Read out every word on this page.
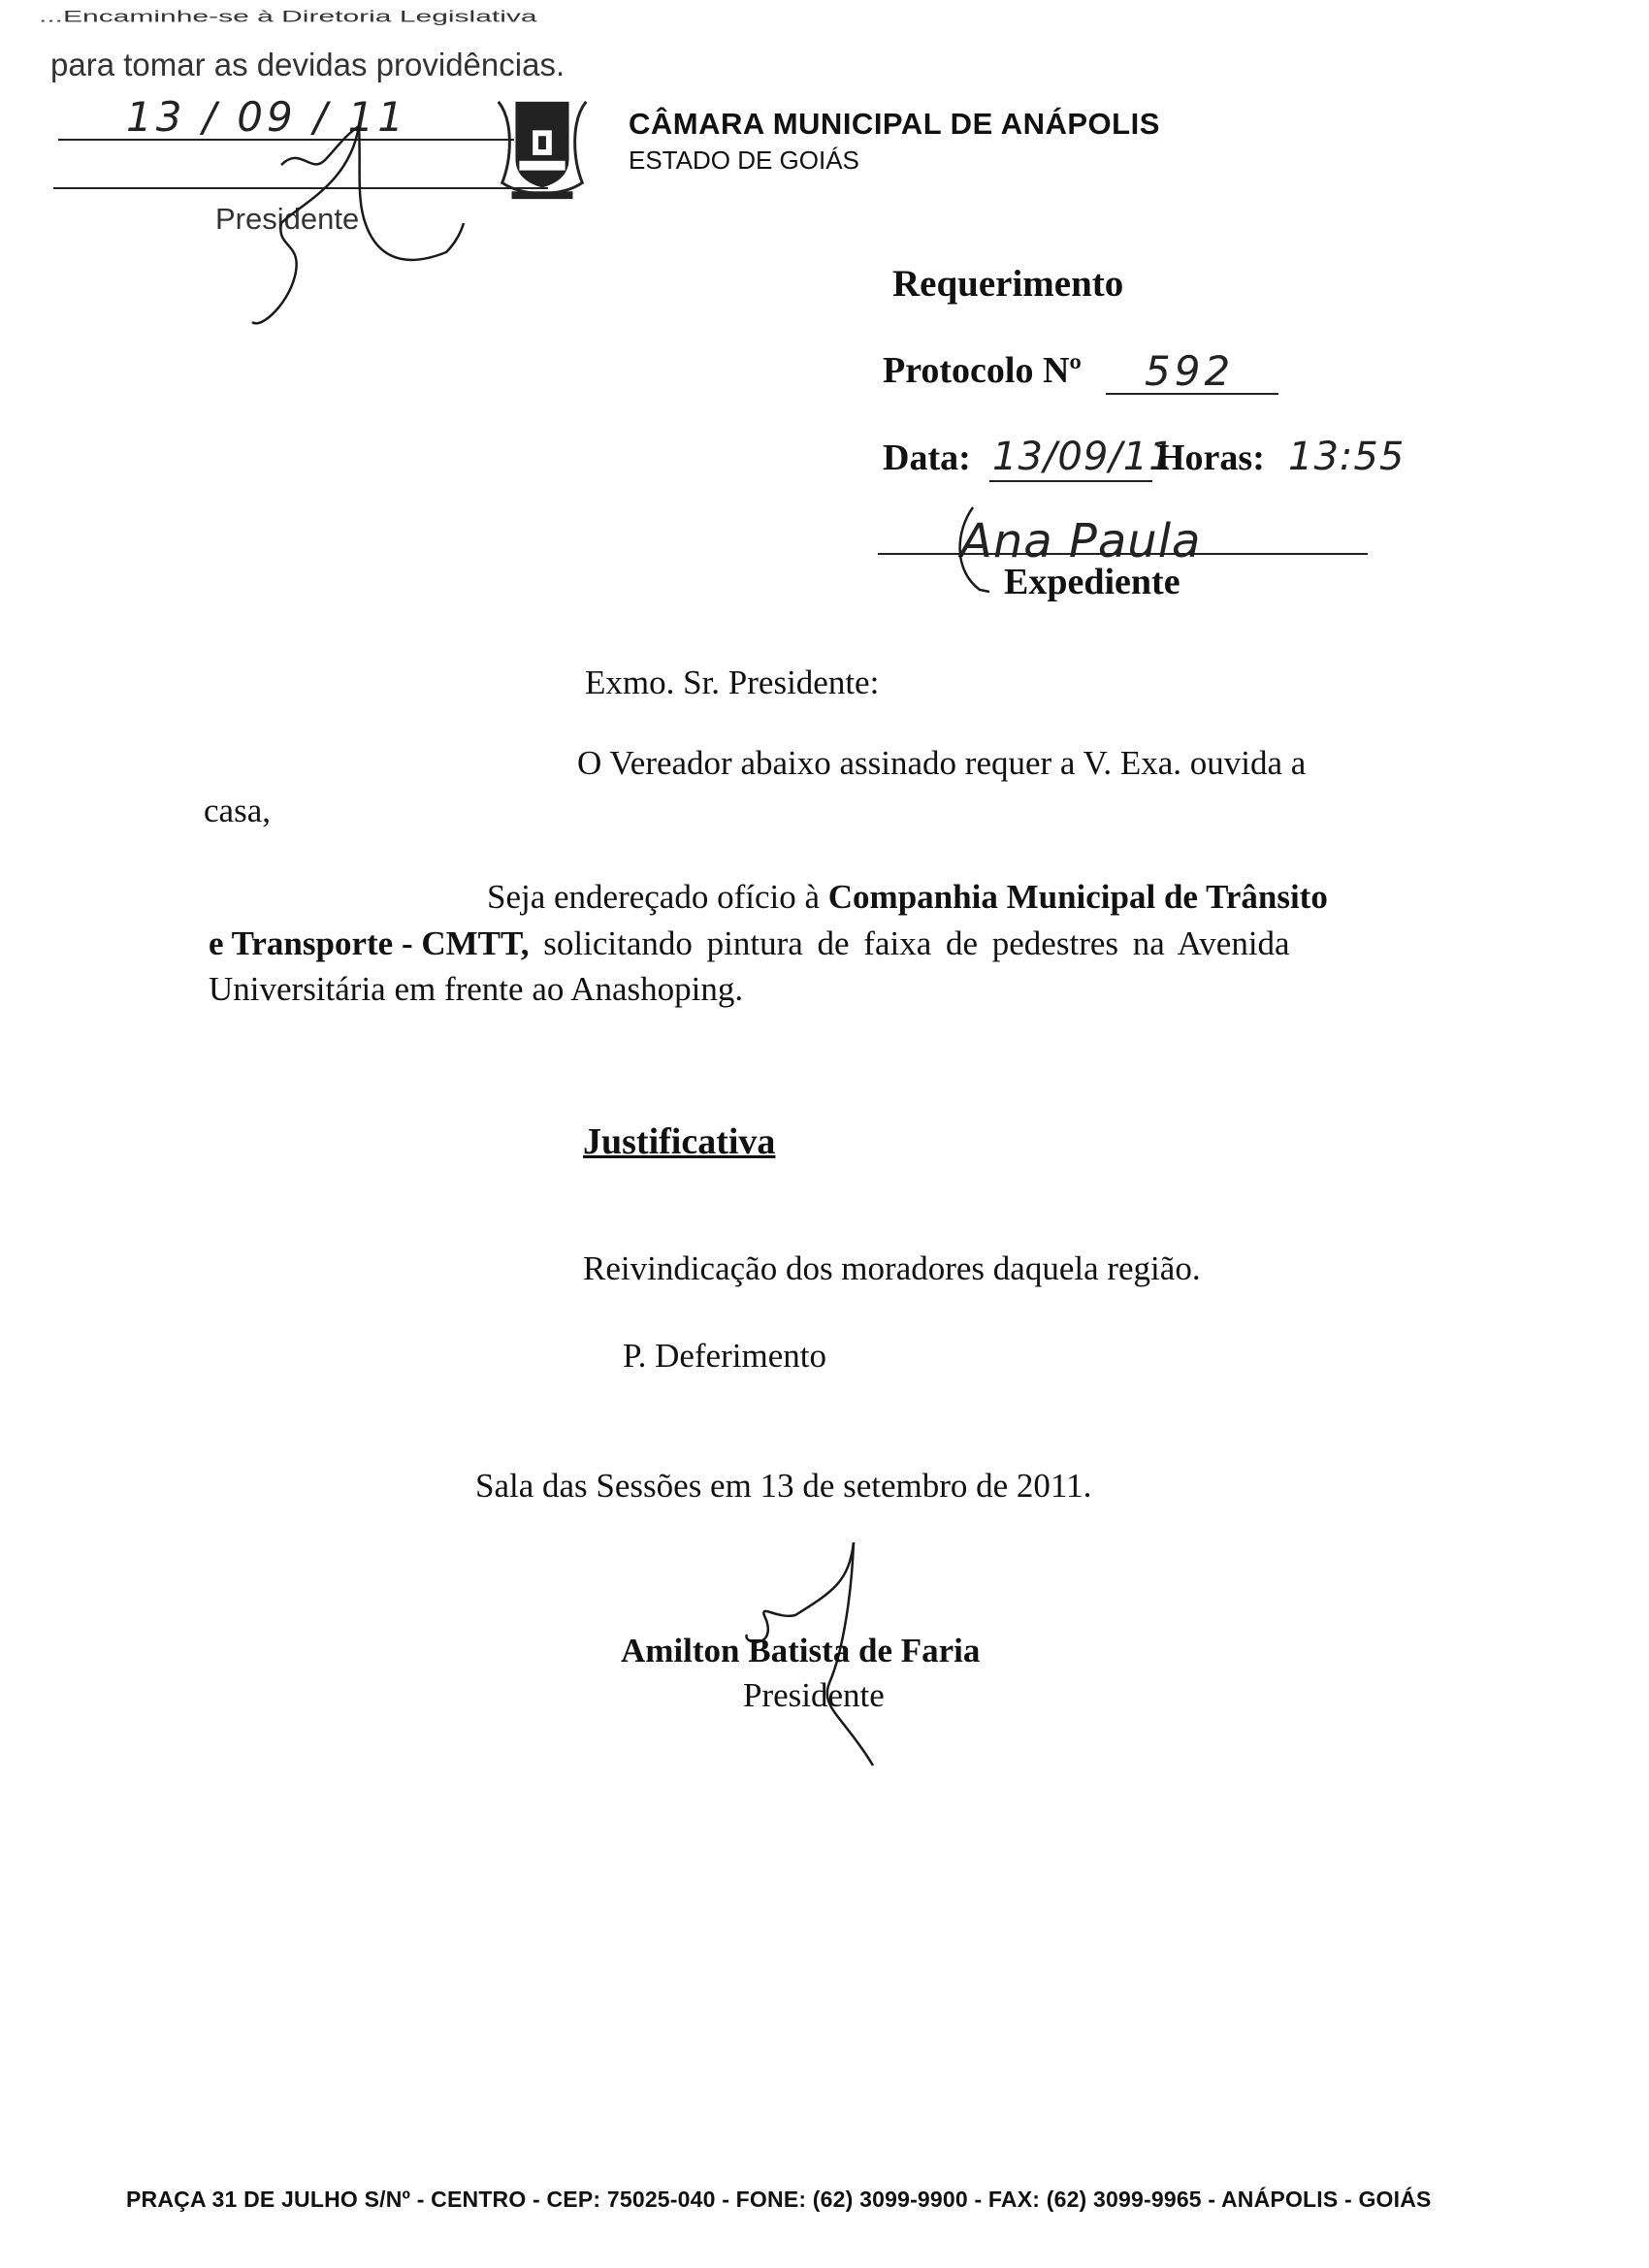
...Encaminhe-se à Diretoria Legislativa
para tomar as devidas providências.
13 / 09 / 11
Presidente
CÂMARA MUNICIPAL DE ANÁPOLIS
ESTADO DE GOIÁS
Requerimento
Protocolo Nº 592
Data: 13/09/11
Horas: 13:55
Ana Paula
Expediente
Exmo. Sr. Presidente:
O Vereador abaixo assinado requer a V. Exa. ouvida a
casa,
Seja endereçado ofício à Companhia Municipal de Trânsito
e Transporte - CMTT, solicitando pintura de faixa de pedestres na Avenida
Universitária em frente ao Anashoping.
Justificativa
Reivindicação dos moradores daquela região.
P. Deferimento
Sala das Sessões em 13 de setembro de 2011.
Amilton Batista de Faria
Presidente
PRAÇA 31 DE JULHO S/Nº - CENTRO - CEP: 75025-040 - FONE: (62) 3099-9900 - FAX: (62) 3099-9965 - ANÁPOLIS - GOIÁS
